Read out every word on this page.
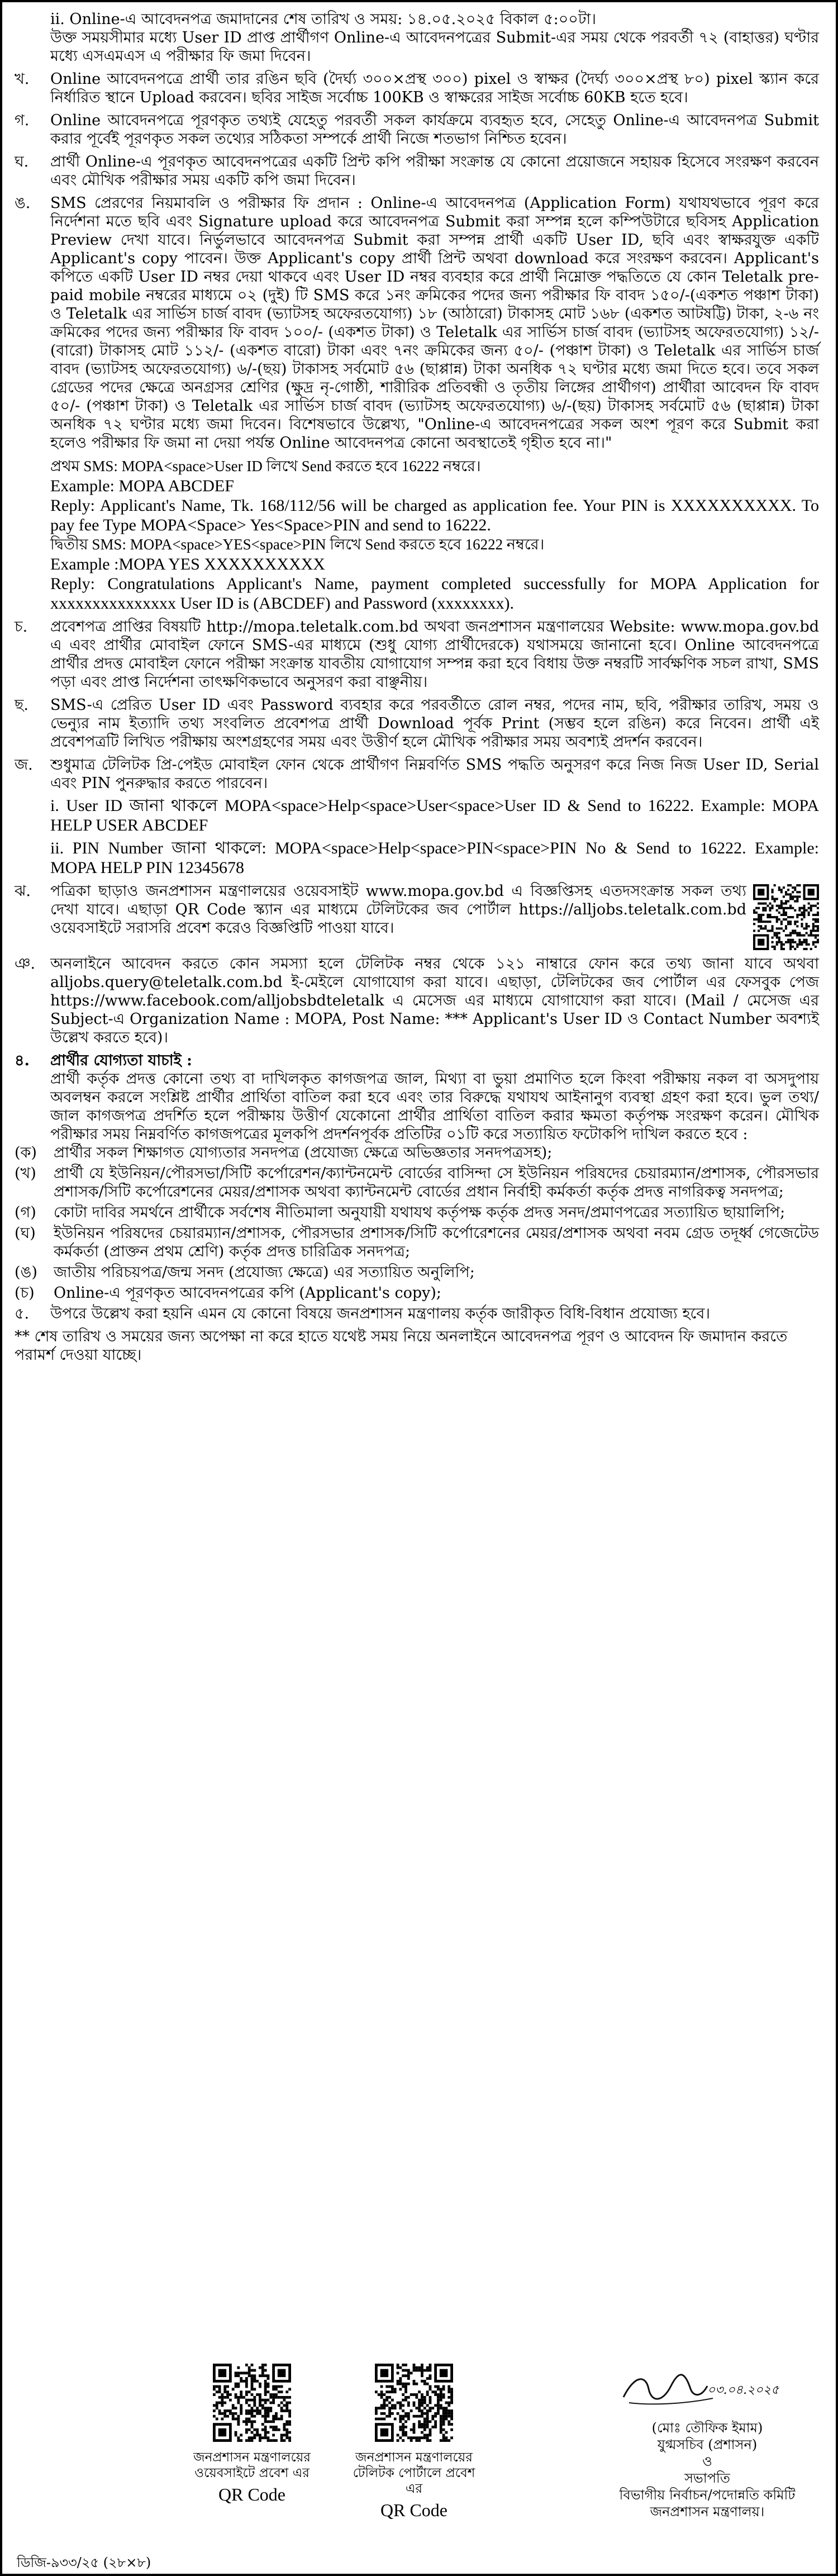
ii. Online-এ আবেদনপত্র জমাদানের শেষ তারিখ ও সময়: ১৪.০৫.২০২৫ বিকাল ৫:০০টা।

উক্ত সময়সীমার মধ্যে User ID প্রাপ্ত প্রার্থীগণ Online-এ আবেদনপত্রের Submit-এর সময় থেকে পরবর্তী ৭২ (বাহাত্তর) ঘণ্টার মধ্যে এসএমএস এ পরীক্ষার ফি জমা দিবেন।

খ.	Online আবেদনপত্রে প্রার্থী তার রঙিন ছবি (দৈর্ঘ্য ৩০০×প্রস্থ ৩০০) pixel ও স্বাক্ষর (দৈর্ঘ্য ৩০০×প্রস্থ ৮০) pixel স্ক্যান করে নির্ধারিত স্থানে Upload করবেন। ছবির সাইজ সর্বোচ্চ 100KB ও স্বাক্ষরের সাইজ সর্বোচ্চ 60KB হতে হবে।

গ.	Online আবেদনপত্রে পূরণকৃত তথ্যই যেহেতু পরবর্তী সকল কার্যক্রমে ব্যবহৃত হবে, সেহেতু Online-এ আবেদনপত্র Submit করার পূর্বেই পূরণকৃত সকল তথ্যের সঠিকতা সম্পর্কে প্রার্থী নিজে শতভাগ নিশ্চিত হবেন।

ঘ.	প্রার্থী Online-এ পূরণকৃত আবেদনপত্রের একটি প্রিন্ট কপি পরীক্ষা সংক্রান্ত যে কোনো প্রয়োজনে সহায়ক হিসেবে সংরক্ষণ করবেন এবং মৌখিক পরীক্ষার সময় একটি কপি জমা দিবেন।

ঙ.	SMS প্রেরণের নিয়মাবলি ও পরীক্ষার ফি প্রদান : Online-এ আবেদনপত্র (Application Form) যথাযথভাবে পূরণ করে নির্দেশনা মতে ছবি এবং Signature upload করে আবেদনপত্র Submit করা সম্পন্ন হলে কম্পিউটারে ছবিসহ Application Preview দেখা যাবে। নির্ভুলভাবে আবেদনপত্র Submit করা সম্পন্ন প্রার্থী একটি User ID, ছবি এবং স্বাক্ষরযুক্ত একটি Applicant's copy পাবেন। উক্ত Applicant's copy প্রার্থী প্রিন্ট অথবা download করে সংরক্ষণ করবেন। Applicant's কপিতে একটি User ID নম্বর দেয়া থাকবে এবং User ID নম্বর ব্যবহার করে প্রার্থী নিম্নোক্ত পদ্ধতিতে যে কোন Teletalk pre-paid mobile নম্বরের মাধ্যমে ০২ (দুই) টি SMS করে ১নং ক্রমিকের পদের জন্য পরীক্ষার ফি বাবদ ১৫০/-(একশত পঞ্চাশ টাকা) ও Teletalk এর সার্ভিস চার্জ বাবদ (ভ্যাটসহ অফেরতযোগ্য) ১৮ (আঠারো) টাকাসহ মোট ১৬৮ (একশত আটষট্টি) টাকা, ২-৬ নং ক্রমিকের পদের জন্য পরীক্ষার ফি বাবদ ১০০/- (একশত টাকা) ও Teletalk এর সার্ভিস চার্জ বাবদ (ভ্যাটসহ অফেরতযোগ্য) ১২/- (বারো) টাকাসহ মোট ১১২/- (একশত বারো) টাকা এবং ৭নং ক্রমিকের জন্য ৫০/- (পঞ্চাশ টাকা) ও Teletalk এর সার্ভিস চার্জ বাবদ (ভ্যাটসহ অফেরতযোগ্য) ৬/-(ছয়) টাকাসহ সর্বমোট ৫৬ (ছাপ্পান্ন) টাকা অনধিক ৭২ ঘণ্টার মধ্যে জমা দিতে হবে। তবে সকল গ্রেডের পদের ক্ষেত্রে অনগ্রসর শ্রেণির (ক্ষুদ্র নৃ-গোষ্ঠী, শারীরিক প্রতিবন্ধী ও তৃতীয় লিঙ্গের প্রার্থীগণ) প্রার্থীরা আবেদন ফি বাবদ ৫০/- (পঞ্চাশ টাকা) ও Teletalk এর সার্ভিস চার্জ বাবদ (ভ্যাটসহ অফেরতযোগ্য) ৬/-(ছয়) টাকাসহ সর্বমোট ৫৬ (ছাপ্পান্ন) টাকা অনধিক ৭২ ঘণ্টার মধ্যে জমা দিবেন। বিশেষভাবে উল্লেখ্য, "Online-এ আবেদনপত্রের সকল অংশ পূরণ করে Submit করা হলেও পরীক্ষার ফি জমা না দেয়া পর্যন্ত Online আবেদনপত্র কোনো অবস্থাতেই গৃহীত হবে না।"

প্রথম SMS: MOPA<space>User ID লিখে Send করতে হবে 16222 নম্বরে।

Example: MOPA ABCDEF

Reply: Applicant's Name, Tk. 168/112/56 will be charged as application fee. Your PIN is XXXXXXXXXX. To pay fee Type MOPA<Space> Yes<Space>PIN and send to 16222.

দ্বিতীয় SMS: MOPA<space>YES<space>PIN লিখে Send করতে হবে 16222 নম্বরে।

Example :MOPA YES XXXXXXXXXX

Reply: Congratulations Applicant's Name, payment completed successfully for MOPA Application for xxxxxxxxxxxxxxx User ID is (ABCDEF) and Password (xxxxxxxx).

চ.	প্রবেশপত্র প্রাপ্তির বিষয়টি http://mopa.teletalk.com.bd অথবা জনপ্রশাসন মন্ত্রণালয়ের Website: www.mopa.gov.bd এ এবং প্রার্থীর মোবাইল ফোনে SMS-এর মাধ্যমে (শুধু যোগ্য প্রার্থীদেরকে) যথাসময়ে জানানো হবে। Online আবেদনপত্রে প্রার্থীর প্রদত্ত মোবাইল ফোনে পরীক্ষা সংক্রান্ত যাবতীয় যোগাযোগ সম্পন্ন করা হবে বিধায় উক্ত নম্বরটি সার্বক্ষণিক সচল রাখা, SMS পড়া এবং প্রাপ্ত নির্দেশনা তাৎক্ষণিকভাবে অনুসরণ করা বাঞ্ছনীয়।
ছ.	SMS-এ প্রেরিত User ID এবং Password ব্যবহার করে পরবর্তীতে রোল নম্বর, পদের নাম, ছবি, পরীক্ষার তারিখ, সময় ও ভেন্যুর নাম ইত্যাদি তথ্য সংবলিত প্রবেশপত্র প্রার্থী Download পূর্বক Print (সম্ভব হলে রঙিন) করে নিবেন। প্রার্থী এই প্রবেশপত্রটি লিখিত পরীক্ষায় অংশগ্রহণের সময় এবং উত্তীর্ণ হলে মৌখিক পরীক্ষার সময় অবশ্যই প্রদর্শন করবেন।
জ.	শুধুমাত্র টেলিটক প্রি-পেইড মোবাইল ফোন থেকে প্রার্থীগণ নিম্নবর্ণিত SMS পদ্ধতি অনুসরণ করে নিজ নিজ User ID, Serial এবং PIN পুনরুদ্ধার করতে পারবেন।

i. User ID জানা থাকলে MOPA<space>Help<space>User<space>User ID & Send to 16222. Example: MOPA HELP USER ABCDEF

ii. PIN Number জানা থাকলে: MOPA<space>Help<space>PIN<space>PIN No & Send to 16222. Example: MOPA HELP PIN 12345678

ঝ.	পত্রিকা ছাড়াও জনপ্রশাসন মন্ত্রণালয়ের ওয়েবসাইট www.mopa.gov.bd এ বিজ্ঞপ্তিসহ এতদসংক্রান্ত সকল তথ্য দেখা যাবে। এছাড়া QR Code স্ক্যান এর মাধ্যমে টেলিটকের জব পোর্টাল https://alljobs.teletalk.com.bd ওয়েবসাইটে সরাসরি প্রবেশ করেও বিজ্ঞপ্তিটি পাওয়া যাবে।
ঞ. অনলাইনে আবেদন করতে কোন সমস্যা হলে টেলিটক নম্বর থেকে ১২১ নাম্বারে ফোন করে তথ্য জানা যাবে অথবা alljobs.query@teletalk.com.bd ই-মেইলে যোগাযোগ করা যাবে। এছাড়া, টেলিটকের জব পোর্টাল এর ফেসবুক পেজ https://www.facebook.com/alljobsbdteletalk এ মেসেজ এর মাধ্যমে যোগাযোগ করা যাবে। (Mail / মেসেজ এর Subject-এ Organization Name : MOPA, Post Name: *** Applicant's User ID ও Contact Number অবশ্যই উল্লেখ করতে হবে)।
৪.	প্রার্থীর যোগ্যতা যাচাই :
প্রার্থী কর্তৃক প্রদত্ত কোনো তথ্য বা দাখিলকৃত কাগজপত্র জাল, মিথ্যা বা ভুয়া প্রমাণিত হলে কিংবা পরীক্ষায় নকল বা অসদুপায় অবলম্বন করলে সংশ্লিষ্ট প্রার্থীর প্রার্থিতা বাতিল করা হবে এবং তার বিরুদ্ধে যথাযথ আইনানুগ ব্যবস্থা গ্রহণ করা হবে। ভুল তথ্য/জাল কাগজপত্র প্রদর্শিত হলে পরীক্ষায় উত্তীর্ণ যেকোনো প্রার্থীর প্রার্থিতা বাতিল করার ক্ষমতা কর্তৃপক্ষ সংরক্ষণ করেন। মৌখিক পরীক্ষার সময় নিম্নবর্ণিত কাগজপত্রের মূলকপি প্রদর্শনপূর্বক প্রতিটির ০১টি করে সত্যায়িত ফটোকপি দাখিল করতে হবে :
(ক)	প্রার্থীর সকল শিক্ষাগত যোগ্যতার সনদপত্র (প্রযোজ্য ক্ষেত্রে অভিজ্ঞতার সনদপত্রসহ);
(খ)	প্রার্থী যে ইউনিয়ন/পৌরসভা/সিটি কর্পোরেশন/ক্যান্টনমেন্ট বোর্ডের বাসিন্দা সে ইউনিয়ন পরিষদের চেয়ারম্যান/প্রশাসক, পৌরসভার প্রশাসক/সিটি কর্পোরেশনের মেয়র/প্রশাসক অথবা ক্যান্টনমেন্ট বোর্ডের প্রধান নির্বাহী কর্মকর্তা কর্তৃক প্রদত্ত নাগরিকত্ব সনদপত্র;
(গ)	কোটা দাবির সমর্থনে প্রার্থীকে সর্বশেষ নীতিমালা অনুযায়ী যথাযথ কর্তৃপক্ষ কর্তৃক প্রদত্ত সনদ/প্রমাণপত্রের সত্যায়িত ছায়ালিপি;
(ঘ)	ইউনিয়ন পরিষদের চেয়ারম্যান/প্রশাসক, পৌরসভার প্রশাসক/সিটি কর্পোরেশনের মেয়র/প্রশাসক অথবা নবম গ্রেড তদূর্ধ্ব গেজেটেড কর্মকর্তা (প্রাক্তন প্রথম শ্রেণি) কর্তৃক প্রদত্ত চারিত্রিক সনদপত্র;
(ঙ)	জাতীয় পরিচয়পত্র/জন্ম সনদ (প্রযোজ্য ক্ষেত্রে) এর সত্যায়িত অনুলিপি;
(চ)	Online-এ পূরণকৃত আবেদনপত্রের কপি (Applicant's copy);
৫.	উপরে উল্লেখ করা হয়নি এমন যে কোনো বিষয়ে জনপ্রশাসন মন্ত্রণালয় কর্তৃক জারীকৃত বিধি-বিধান প্রযোজ্য হবে।
** শেষ তারিখ ও সময়ের জন্য অপেক্ষা না করে হাতে যথেষ্ট সময় নিয়ে অনলাইনে আবেদনপত্র পূরণ ও আবেদন ফি জমাদান করতে পরামর্শ দেওয়া যাচ্ছে।
জনপ্রশাসন মন্ত্রণালয়ের
ওয়েবসাইটে প্রবেশ এর
QR Code
জনপ্রশাসন মন্ত্রণালয়ের
টেলিটক পোর্টালে প্রবেশ এর
QR Code
০৩.০৪.২০২৫
(মোঃ তৌফিক ইমাম)
যুগ্মসচিব (প্রশাসন)
ও
সভাপতি
বিভাগীয় নির্বাচন/পদোন্নতি কমিটি
জনপ্রশাসন মন্ত্রণালয়।
ডিজি-৯৩৩/২৫ (২৮×৮)
